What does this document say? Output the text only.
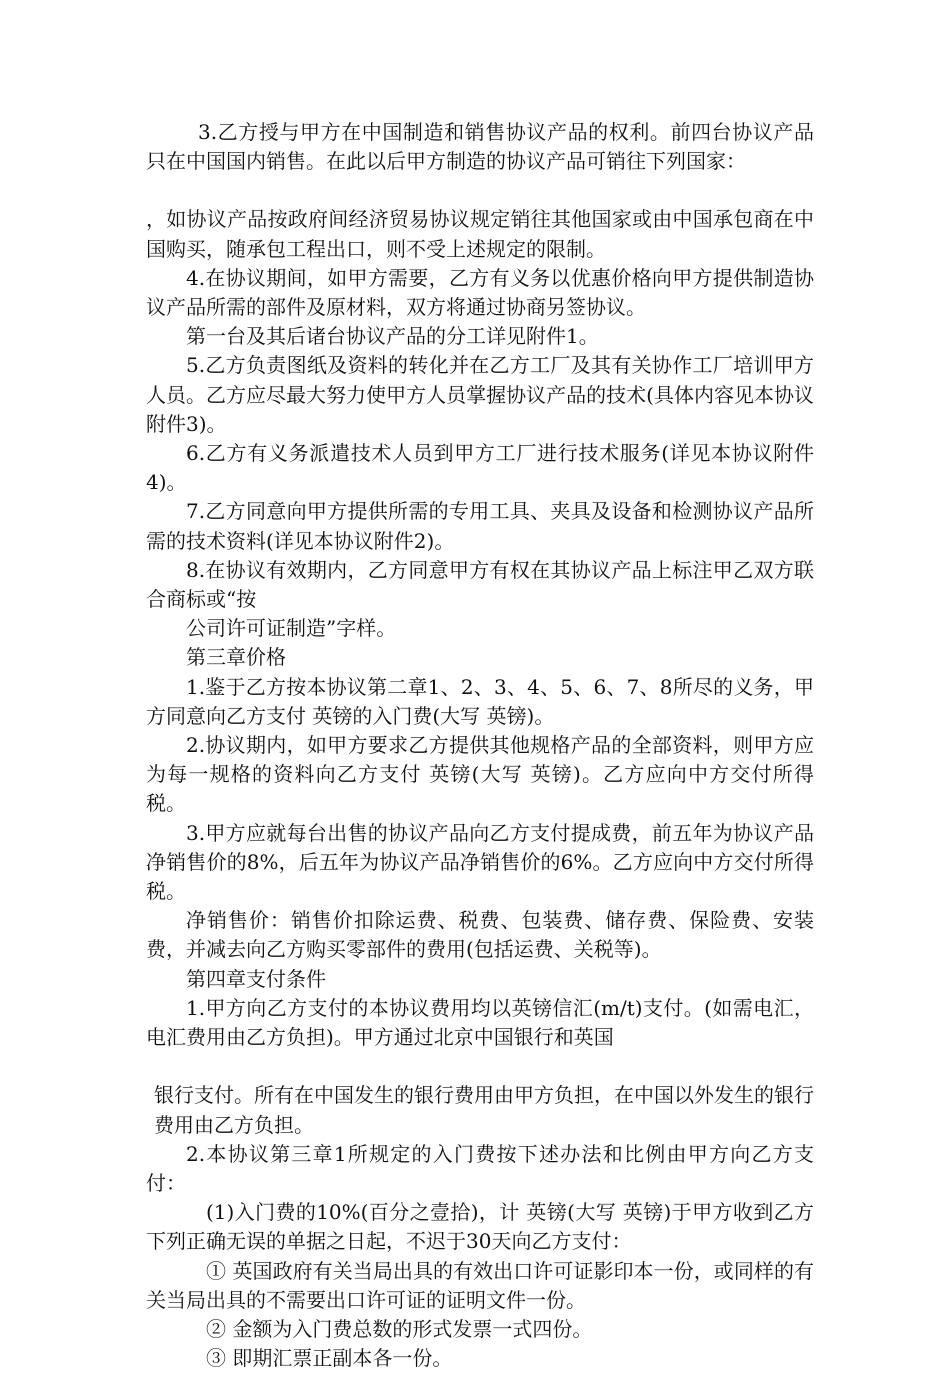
3.乙方授与甲方在中国制造和销售协议产品的权利。前四台协议产品只在中国国内销售。在此以后甲方制造的协议产品可销往下列国家：

，如协议产品按政府间经济贸易协议规定销往其他国家或由中国承包商在中国购买，随承包工程出口，则不受上述规定的限制。

4.在协议期间，如甲方需要，乙方有义务以优惠价格向甲方提供制造协议产品所需的部件及原材料，双方将通过协商另签协议。

第一台及其后诸台协议产品的分工详见附件1。

5.乙方负责图纸及资料的转化并在乙方工厂及其有关协作工厂培训甲方人员。乙方应尽最大努力使甲方人员掌握协议产品的技术(具体内容见本协议附件3)。

6.乙方有义务派遣技术人员到甲方工厂进行技术服务(详见本协议附件4)。

7.乙方同意向甲方提供所需的专用工具、夹具及设备和检测协议产品所需的技术资料(详见本协议附件2)。

8.在协议有效期内，乙方同意甲方有权在其协议产品上标注甲乙双方联合商标或“按

公司许可证制造”字样。

第三章价格

1.鉴于乙方按本协议第二章1、2、3、4、5、6、7、8所尽的义务，甲方同意向乙方支付 英镑的入门费(大写 英镑)。

2.协议期内，如甲方要求乙方提供其他规格产品的全部资料，则甲方应为每一规格的资料向乙方支付 英镑(大写 英镑)。乙方应向中方交付所得税。

3.甲方应就每台出售的协议产品向乙方支付提成费，前五年为协议产品净销售价的8%，后五年为协议产品净销售价的6%。乙方应向中方交付所得税。

净销售价：销售价扣除运费、税费、包装费、储存费、保险费、安装费，并减去向乙方购买零部件的费用(包括运费、关税等)。

第四章支付条件

1.甲方向乙方支付的本协议费用均以英镑信汇(m/t)支付。(如需电汇，电汇费用由乙方负担)。甲方通过北京中国银行和英国

银行支付。所有在中国发生的银行费用由甲方负担，在中国以外发生的银行费用由乙方负担。

2.本协议第三章1所规定的入门费按下述办法和比例由甲方向乙方支付：

(1)入门费的10%(百分之壹拾)，计 英镑(大写 英镑)于甲方收到乙方下列正确无误的单据之日起，不迟于30天向乙方支付：

① 英国政府有关当局出具的有效出口许可证影印本一份，或同样的有关当局出具的不需要出口许可证的证明文件一份。

② 金额为入门费总数的形式发票一式四份。

③ 即期汇票正副本各一份。
